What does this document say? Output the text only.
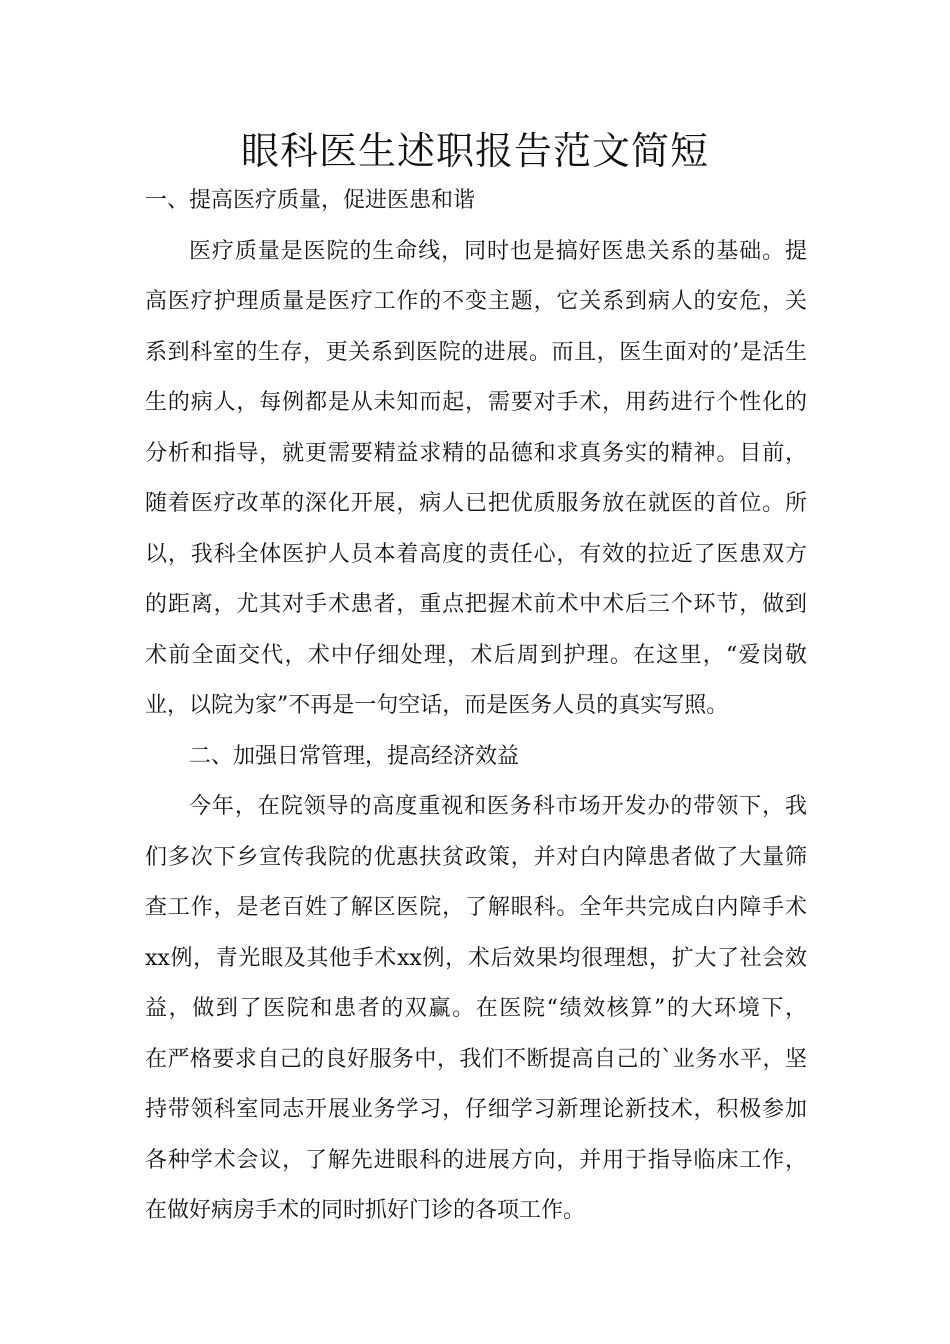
眼科医生述职报告范文简短
一、提高医疗质量，促进医患和谐
医疗质量是医院的生命线，同时也是搞好医患关系的基础。提
高医疗护理质量是医疗工作的不变主题，它关系到病人的安危，关
系到科室的生存，更关系到医院的进展。而且，医生面对的’是活生
生的病人，每例都是从未知而起，需要对手术，用药进行个性化的
分析和指导，就更需要精益求精的品德和求真务实的精神。目前，
随着医疗改革的深化开展，病人已把优质服务放在就医的首位。所
以，我科全体医护人员本着高度的责任心，有效的拉近了医患双方
的距离，尤其对手术患者，重点把握术前术中术后三个环节，做到
术前全面交代，术中仔细处理，术后周到护理。在这里，“爱岗敬
业，以院为家”不再是一句空话，而是医务人员的真实写照。
二、加强日常管理，提高经济效益
今年，在院领导的高度重视和医务科市场开发办的带领下，我
们多次下乡宣传我院的优惠扶贫政策，并对白内障患者做了大量筛
查工作，是老百姓了解区医院，了解眼科。全年共完成白内障手术
xx例，青光眼及其他手术xx例，术后效果均很理想，扩大了社会效
益，做到了医院和患者的双赢。在医院“绩效核算”的大环境下，
在严格要求自己的良好服务中，我们不断提高自己的`业务水平，坚
持带领科室同志开展业务学习，仔细学习新理论新技术，积极参加
各种学术会议，了解先进眼科的进展方向，并用于指导临床工作，
在做好病房手术的同时抓好门诊的各项工作。
